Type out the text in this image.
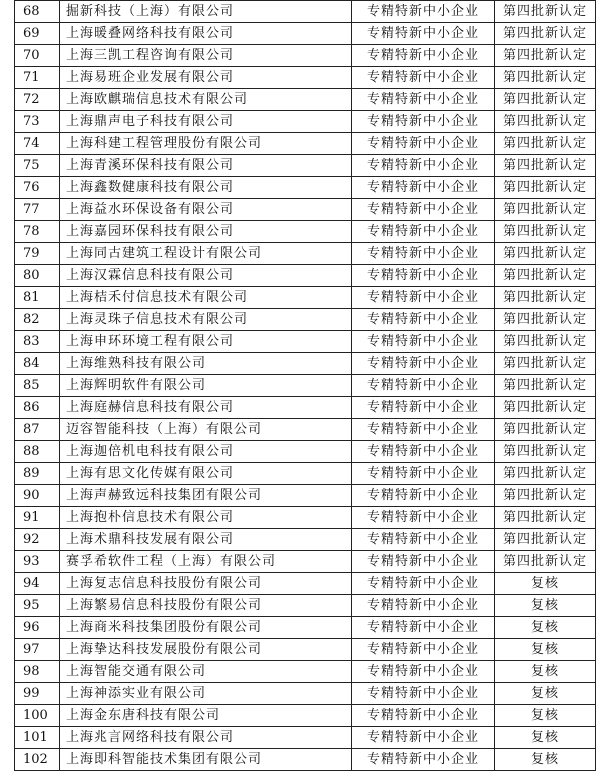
68	掘新科技（上海）有限公司	专精特新中小企业	第四批新认定
69	上海暖叠网络科技有限公司	专精特新中小企业	第四批新认定
70	上海三凯工程咨询有限公司	专精特新中小企业	第四批新认定
71	上海易班企业发展有限公司	专精特新中小企业	第四批新认定
72	上海欧麒瑞信息技术有限公司	专精特新中小企业	第四批新认定
73	上海鼎声电子科技有限公司	专精特新中小企业	第四批新认定
74	上海科建工程管理股份有限公司	专精特新中小企业	第四批新认定
75	上海青溪环保科技有限公司	专精特新中小企业	第四批新认定
76	上海鑫数健康科技有限公司	专精特新中小企业	第四批新认定
77	上海益水环保设备有限公司	专精特新中小企业	第四批新认定
78	上海嘉园环保科技有限公司	专精特新中小企业	第四批新认定
79	上海同古建筑工程设计有限公司	专精特新中小企业	第四批新认定
80	上海汉霖信息科技有限公司	专精特新中小企业	第四批新认定
81	上海桔禾付信息技术有限公司	专精特新中小企业	第四批新认定
82	上海灵珠子信息技术有限公司	专精特新中小企业	第四批新认定
83	上海申环环境工程有限公司	专精特新中小企业	第四批新认定
84	上海维熟科技有限公司	专精特新中小企业	第四批新认定
85	上海辉明软件有限公司	专精特新中小企业	第四批新认定
86	上海庭赫信息科技有限公司	专精特新中小企业	第四批新认定
87	迈容智能科技（上海）有限公司	专精特新中小企业	第四批新认定
88	上海迦倍机电科技有限公司	专精特新中小企业	第四批新认定
89	上海有思文化传媒有限公司	专精特新中小企业	第四批新认定
90	上海声赫致远科技集团有限公司	专精特新中小企业	第四批新认定
91	上海抱朴信息技术有限公司	专精特新中小企业	第四批新认定
92	上海术鼎科技发展有限公司	专精特新中小企业	第四批新认定
93	赛孚希软件工程（上海）有限公司	专精特新中小企业	第四批新认定
94	上海复志信息科技股份有限公司	专精特新中小企业	复核
95	上海繁易信息科技股份有限公司	专精特新中小企业	复核
96	上海商米科技集团股份有限公司	专精特新中小企业	复核
97	上海挚达科技发展股份有限公司	专精特新中小企业	复核
98	上海智能交通有限公司	专精特新中小企业	复核
99	上海神添实业有限公司	专精特新中小企业	复核
100	上海金东唐科技有限公司	专精特新中小企业	复核
101	上海兆言网络科技有限公司	专精特新中小企业	复核
102	上海即科智能技术集团有限公司	专精特新中小企业	复核
